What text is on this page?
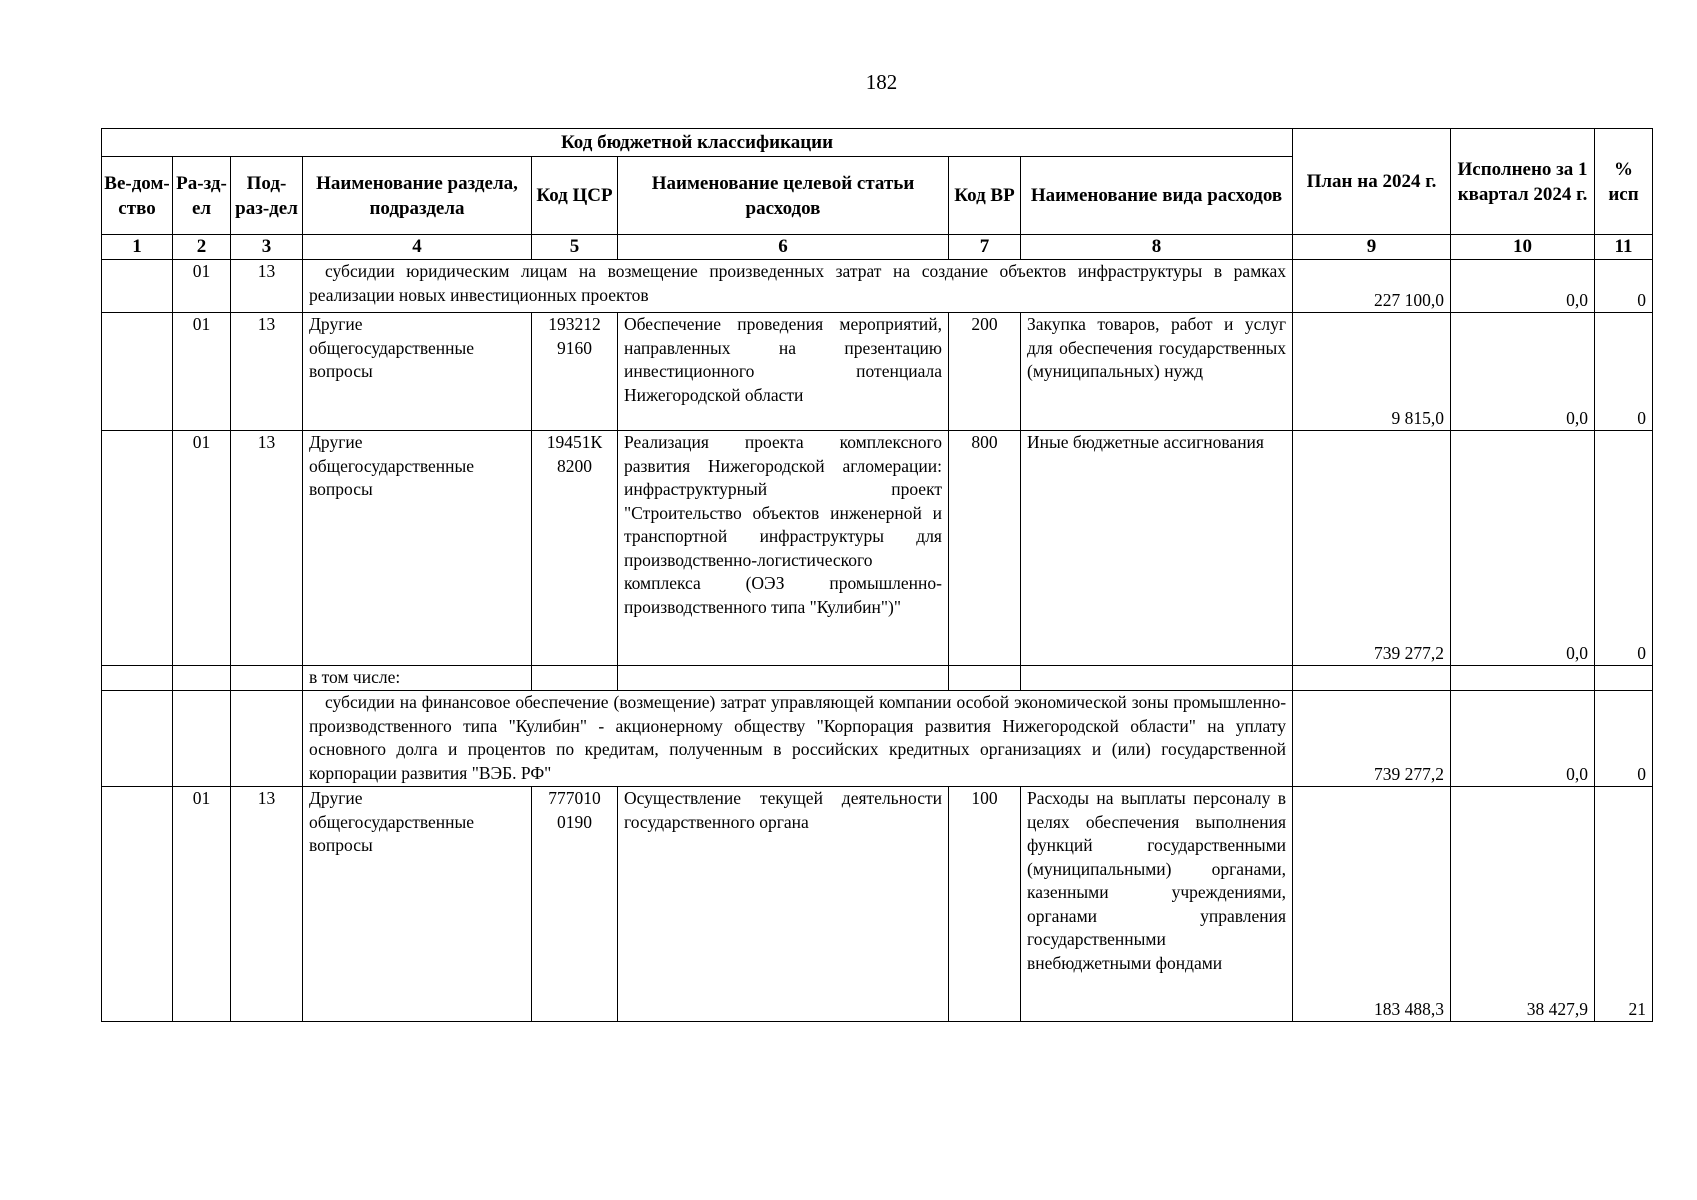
182
Код бюджетной классификации								План на 2024 г.	Исполнено за 1 квартал 2024 г.	% исп
Ве-дом-ство	Ра-зд-ел	Под-раз-дел	Наименование раздела, подраздела	Код ЦСР	Наименование целевой статьи расходов	Код ВР	Наименование вида расходов			
1	2	3	4	5	6	7	8	9	10	11
	01	13	субсидии юридическим лицам на возмещение произведенных затрат на создание объектов инфраструктуры в рамках реализации новых инвестиционных проектов					227 100,0	0,0	0
	01	13	Другие общегосударственные вопросы	193212 9160	Обеспечение проведения мероприятий, направленных на презентацию инвестиционного потенциала Нижегородской области	200	Закупка товаров, работ и услуг для обеспечения государственных (муниципальных) нужд	9 815,0	0,0	0
	01	13	Другие общегосударственные вопросы	19451К 8200	Реализация проекта комплексного развития Нижегородской агломерации: инфраструктурный проект "Строительство объектов инженерной и транспортной инфраструктуры для производственно-логистического комплекса (ОЭЗ промышленно-производственного типа "Кулибин")"	800	Иные бюджетные ассигнования	739 277,2	0,0	0
			в том числе:							
			субсидии на финансовое обеспечение (возмещение) затрат управляющей компании особой экономической зоны промышленно-производственного типа "Кулибин" - акционерному обществу "Корпорация развития Нижегородской области" на уплату основного долга и процентов по кредитам, полученным в российских кредитных организациях и (или) государственной корпорации развития "ВЭБ. РФ"					739 277,2	0,0	0
	01	13	Другие общегосударственные вопросы	777010 0190	Осуществление текущей деятельности государственного органа	100	Расходы на выплаты персоналу в целях обеспечения выполнения функций государственными (муниципальными) органами, казенными учреждениями, органами управления государственными внебюджетными фондами	183 488,3	38 427,9	21
